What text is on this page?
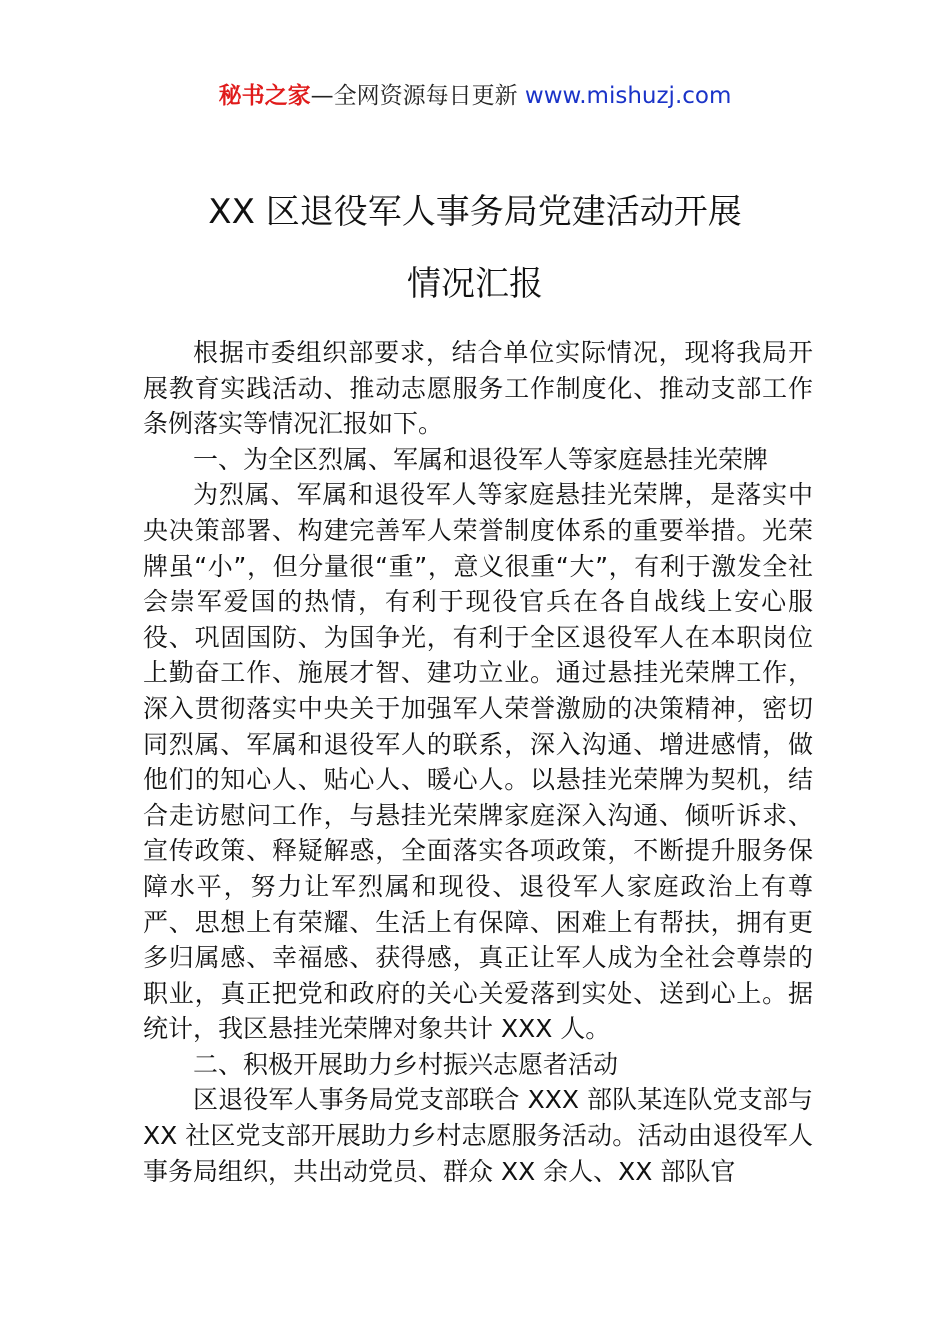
秘书之家—全网资源每日更新 www.mishuzj.com
XX 区退役军人事务局党建活动开展
情况汇报

根据市委组织部要求，结合单位实际情况，现将我局开展教育实践活动、推动志愿服务工作制度化、推动支部工作条例落实等情况汇报如下。

一、为全区烈属、军属和退役军人等家庭悬挂光荣牌

为烈属、军属和退役军人等家庭悬挂光荣牌，是落实中央决策部署、构建完善军人荣誉制度体系的重要举措。光荣牌虽“小”，但分量很“重”，意义很重“大”，有利于激发全社会崇军爱国的热情，有利于现役官兵在各自战线上安心服役、巩固国防、为国争光，有利于全区退役军人在本职岗位上勤奋工作、施展才智、建功立业。通过悬挂光荣牌工作，深入贯彻落实中央关于加强军人荣誉激励的决策精神，密切同烈属、军属和退役军人的联系，深入沟通、增进感情，做他们的知心人、贴心人、暖心人。以悬挂光荣牌为契机，结合走访慰问工作，与悬挂光荣牌家庭深入沟通、倾听诉求、宣传政策、释疑解惑，全面落实各项政策，不断提升服务保障水平，努力让军烈属和现役、退役军人家庭政治上有尊严、思想上有荣耀、生活上有保障、困难上有帮扶，拥有更多归属感、幸福感、获得感，真正让军人成为全社会尊崇的职业，真正把党和政府的关心关爱落到实处、送到心上。据统计，我区悬挂光荣牌对象共计 XXX 人。

二、积极开展助力乡村振兴志愿者活动

区退役军人事务局党支部联合 XXX 部队某连队党支部与 XX 社区党支部开展助力乡村志愿服务活动。活动由退役军人事务局组织，共出动党员、群众 XX 余人、XX 部队官
